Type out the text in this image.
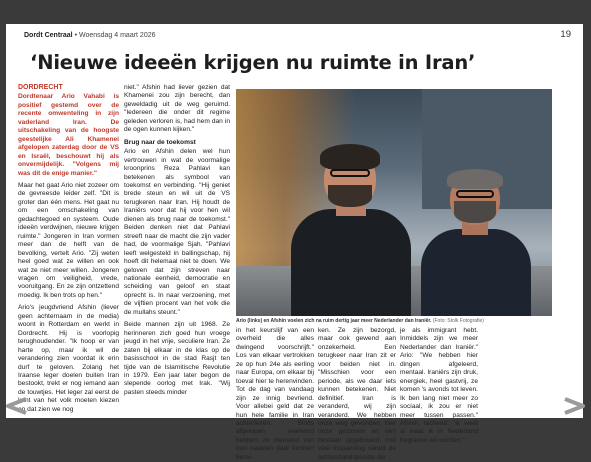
Dordt Centraal • Woensdag 4 maart 2026	19
‘Nieuwe ideeën krijgen nu ruimte in Iran’
DORDRECHT
Dordtenaar Ario Vahabi is positief gestemd over de recente omwenteling in zijn vaderland Iran. De uitschakeling van de hoogste geestelijke Ali Khamenei afgelopen zaterdag door de VS en Israël, beschouwt hij als onvermijdelijk. "Volgens mij was dit de enige manier."

Maar het gaat Ario niet zozeer om de gevreesde leider zelf. "Dit is groter dan één mens. Het gaat nu om een omschakeling van gedachtegoed en systeem. Oude ideeën verdwijnen, nieuwe krijgen ruimte." Jongeren in Iran vormen meer dan de helft van de bevolking, vertelt Ario. "Zij weten heel goed wat ze willen en ook wat ze niet meer willen. Jongeren vragen om veiligheid, vrede, vooruitgang. En ze zijn ontzettend moedig. Ik ben trots op hen."

Ario's jeugdvriend Afshin (liever geen achternaam in de media) woont in Rotterdam en werkt in Dordrecht. Hij is voorlopig terughoudender. "Ik hoop er van harte op, maar ik wil de verandering zien voordat ik erin durf te geloven. Zolang het Iraanse leger doelen buiten Iran bestookt, trekt er nog iemand aan de touwtjes. Het leger zal eerst de kant van het volk moeten kiezen en dat zien we nog

niet." Afshin had liever gezien dat Khamenei zou zijn berecht, dan geweldadig uit de weg geruimd. "Iedereen die onder dit regime geleden verloren is, had hem dan in de ogen kunnen kijken."

Brug naar de toekomst

Ario en Afshin delen wel hun vertrouwen in wat de voormalige kroonprins Reza Pahlavi kan betekenen als symbool van toekomst en verbinding. "Hij geniet brede steun en wil uit de VS terugkeren naar Iran. Hij houdt de Iraniërs voor dat hij voor hen wil dienen als brug naar de toekomst." Beiden denken niet dat Pahlavi streeft naar de macht die zijn vader had, de voormalige Sjah. "Pahlavi leeft welgesteld in ballingschap, hij hoeft dit helemaal niet te doen. We geloven dat zijn streven naar nationale eenheid, democratie en scheiding van geloof en staat oprecht is. In naar verzoening, met de vijftien procent van het volk die de mullahs steunt."

Beide mannen zijn uit 1968. Ze herinneren zich goed hun vroege jeugd in het vrije, seculiere Iran. Ze zaten bij elkaar in de klas op de basisschool in de stad Rasjt ten tijde van de Islamitische Revolutie in 1979. Een jaar later begon de slepende oorlog met Irak. "Wij pasten steeds minder

Ario (links) en Afshin voelen zich na ruim dertig jaar meer Nederlander dan Iraniër. (Foto: Stolk Fotografie)
in het keurslijf van een overheid die alles dwingend voorschrijft." Los van elkaar vertrokken ze op hun 24e als eerling naar Europa, om elkaar bij toeval hier te herenvinden. Tot de dag van vandaag zijn ze innig bevriend. Voor allebei geld dat ze hun hele familie in Iran achterlieten. Sinds afgelopen weekend hebben ze niemand van hun naasten daar kunnen berei-
ken. Ze zijn bezorgd, maar ook gewend aan onzekerheid. Een terugkeer naar Iran zit er voor beiden niet in. "Misschien voor een periode, als we daar iets kunnen betekenen. Niet definitief. Iran is veranderd, wij zijn veranderd. We hebben onze weg gevonden, hier onze gezinnen en een bestaan opgebouwd, met veel inspanning vanuit de achterstandspositie die
je als immigrant hebt. Inmiddels zijn we meer Nederlander dan Iraniër." Ario: "We hebben hier dingen afgeleerd, mentaal. Iraniërs zijn druk, energiek, heel gastvrij, ze komen 's avonds tot leven. Ik ben lang niet meer zo sociaal, ik zou er niet meer tussen passen." Afshin, lachend: "Ik weet al waar ik in Nederland begraven wil worden."
